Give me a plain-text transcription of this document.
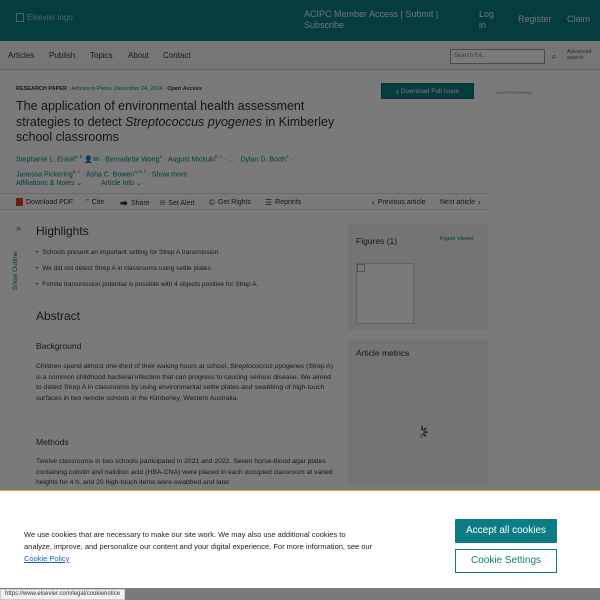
•
•
•
We use cookies that are necessary to make our site work. We may also use additional cookies to analyze, improve, and personalize our content and your digital experience. For more information, see our Cookie Policy
Accept all cookies
Cookie Settings
https://www.elsevier.com/legal/cookienotice
